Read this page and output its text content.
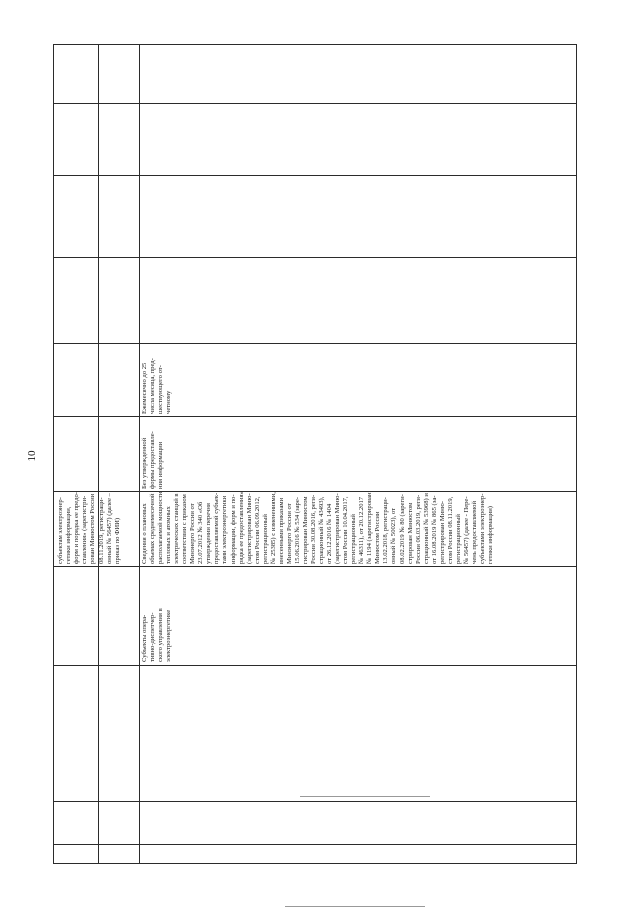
10
субъектам электроэнер- гетики информации, форм и порядка ее предо- ставления» (зарегистри- рован Минюстом России 08.11.2019, регистраци- онный № 56457) (далее – приказ по ФИИ)
Субъекты опера- тивно-диспетчер- ского управления в электроэнергетике
Сведения о плановых объемах среднемесячной располагаемой мощности тепловых и атомных электрических станций в соответствии с приказом Минэнерго России от 23.07.2012 № 340 «Об утверждении перечня предоставляемой субъек- тами электроэнергетики информации, форм и по- рядка ее предоставления» (зарегистрирован Миню- стом России 06.09.2012, регистрационный № 25385) с изменениями, внесенными приказами Минэнерго России от 15.06.2016 № 534 (заре- гистрирован Минюстом России 30.08.2016, реги- страционный № 43493), от 26.12.2016 № 1404 (зарегистрирован Миню- стом России 10.04.2017, регистрационный № 46311), от 20.12.2017 № 1194 (зарегистрирован Минюстом России 13.02.2018, регистраци- онный № 50023), от 08.02.2019 № 80 (зареги- стрирован Минюстом России 06.03.2019, реги- страционный № 53968) и от 16.08.2019 № 865 (за- регистрирован Миню- стом России 08.11.2019, регистрационный № 56457) (далее - Пере- чень предоставляемой субъектами электроэнер- гетики информации)
Без утвержденной формы предоставле- ния информации
Ежемесячно до 25 числа месяца, пред- шествующего от- четному
